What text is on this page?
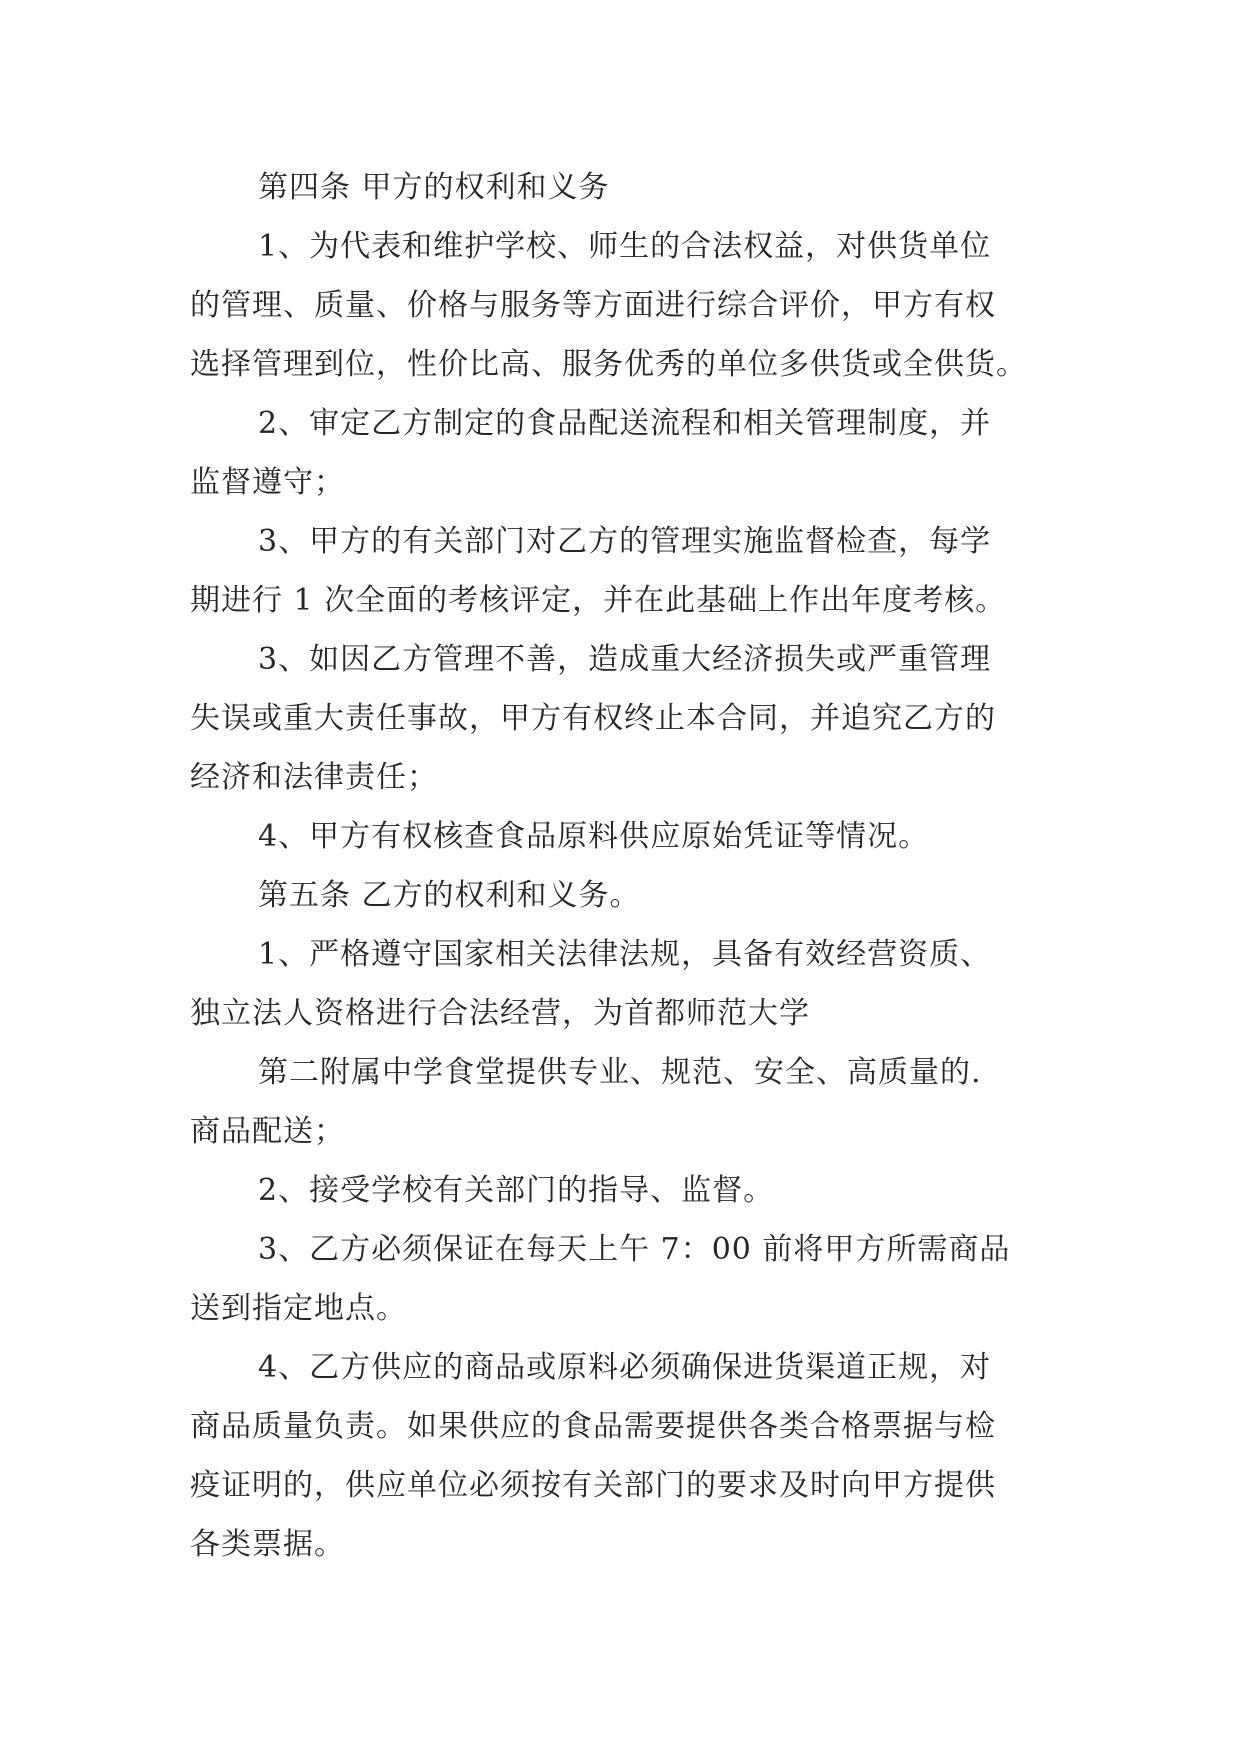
第四条 甲方的权利和义务
1、为代表和维护学校、师生的合法权益，对供货单位
的管理、质量、价格与服务等方面进行综合评价，甲方有权
选择管理到位，性价比高、服务优秀的单位多供货或全供货。
2、审定乙方制定的食品配送流程和相关管理制度，并
监督遵守；
3、甲方的有关部门对乙方的管理实施监督检查，每学
期进行 1 次全面的考核评定，并在此基础上作出年度考核。
3、如因乙方管理不善，造成重大经济损失或严重管理
失误或重大责任事故，甲方有权终止本合同，并追究乙方的
经济和法律责任；
4、甲方有权核查食品原料供应原始凭证等情况。
第五条 乙方的权利和义务。
1、严格遵守国家相关法律法规，具备有效经营资质、
独立法人资格进行合法经营，为首都师范大学
第二附属中学食堂提供专业、规范、安全、高质量的.
商品配送；
2、接受学校有关部门的指导、监督。
3、乙方必须保证在每天上午 7：00 前将甲方所需商品
送到指定地点。
4、乙方供应的商品或原料必须确保进货渠道正规，对
商品质量负责。如果供应的食品需要提供各类合格票据与检
疫证明的，供应单位必须按有关部门的要求及时向甲方提供
各类票据。
